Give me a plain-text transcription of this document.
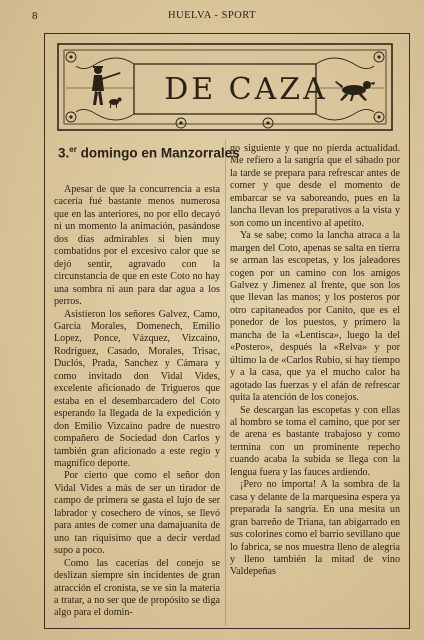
8	HUELVA - SPORT
DE CAZA
3.$^{er}$ domingo en Manzorrales

Apesar de que la concurrencia a esta cacería fué bastante menos numerosa que en las anteriores, no por ello decayó ni un momento la animación, pasándose dos días admirables si bien muy combatidos por el excesivo calor que se dejó sentir, agravado con la circunstancia de que en este Coto no hay una sombra ni aun para dar agua a los perros.

Asistieron los señores Galvez, Camo, García Morales, Domenech, Emilio Lopez, Ponce, Vázquez, Vizcaino, Rodríguez, Casado, Morales, Trisac, Duclós, Prada, Sanchez y Cámara y como invitado don Vidal Vides, excelente aficionado de Trigueros que estaba en el desembarcadero del Coto esperando la llegada de la expedición y don Emilio Vizcaino padre de nuestro compañero de Sociedad don Carlos y también gran aficionado a este regio y magnífico deporte.

Por cierto que como el señor don Vidal Vides a más de ser un tirador de campo de primera se gasta el lujo de ser labrador y cosechero de vinos, se llevó para antes de comer una damajuanita de uno tan riquisimo que a decir verdad supo a poco.

Como las cacerías del conejo se deslizan siempre sin incidentes de gran atracción el cronista, se ve sin la materia a tratar, a no ser que de propósito se diga algo para el domin-

go siguiente y que no pierda actualidad. Me refiero a la sangría que el sábado por la tarde se prepara para refrescar antes de comer y que desde el momento de embarcar se va saboreando, pues en la lancha llevan los preparativos a la vista y son como un incentivo al apetito.

Ya se sabe; como la lancha atraca a la margen del Coto, apenas se salta en tierra se arman las escopetas, y los jaleadores cogen por un camino con los amigos Galvez y Jimenez al frente, que son los que llevan las manos; y los posteros por otro capitaneados por Canito, que es el ponedor de los puestos, y primero la mancha de la «Lentisca», luego la del «Postero», después la «Relva» y por último la de «Carlos Rubio, si hay tiempo y a la casa, que ya el mucho calor ha agotado las fuerzas y el afán de refrescar quita la atención de los conejos.

Se descargan las escopetas y con ellas al hombro se toma el camino, que por ser de arena es bastante trabajoso y como termina con un prominente repecho cuando acaba la subida se llega con la lengua fuera y las fauces ardiendo.

¡Pero no importa! A la sombra de la casa y delante de la marquesina espera ya preparada la sangría. En una mesita un gran barreño de Triana, tan abigarrado en sus colorines como el barrio sevillano que lo fabrica, se nos muestra lleno de alegria y lleno también la mitad de vino Valdepeñas
